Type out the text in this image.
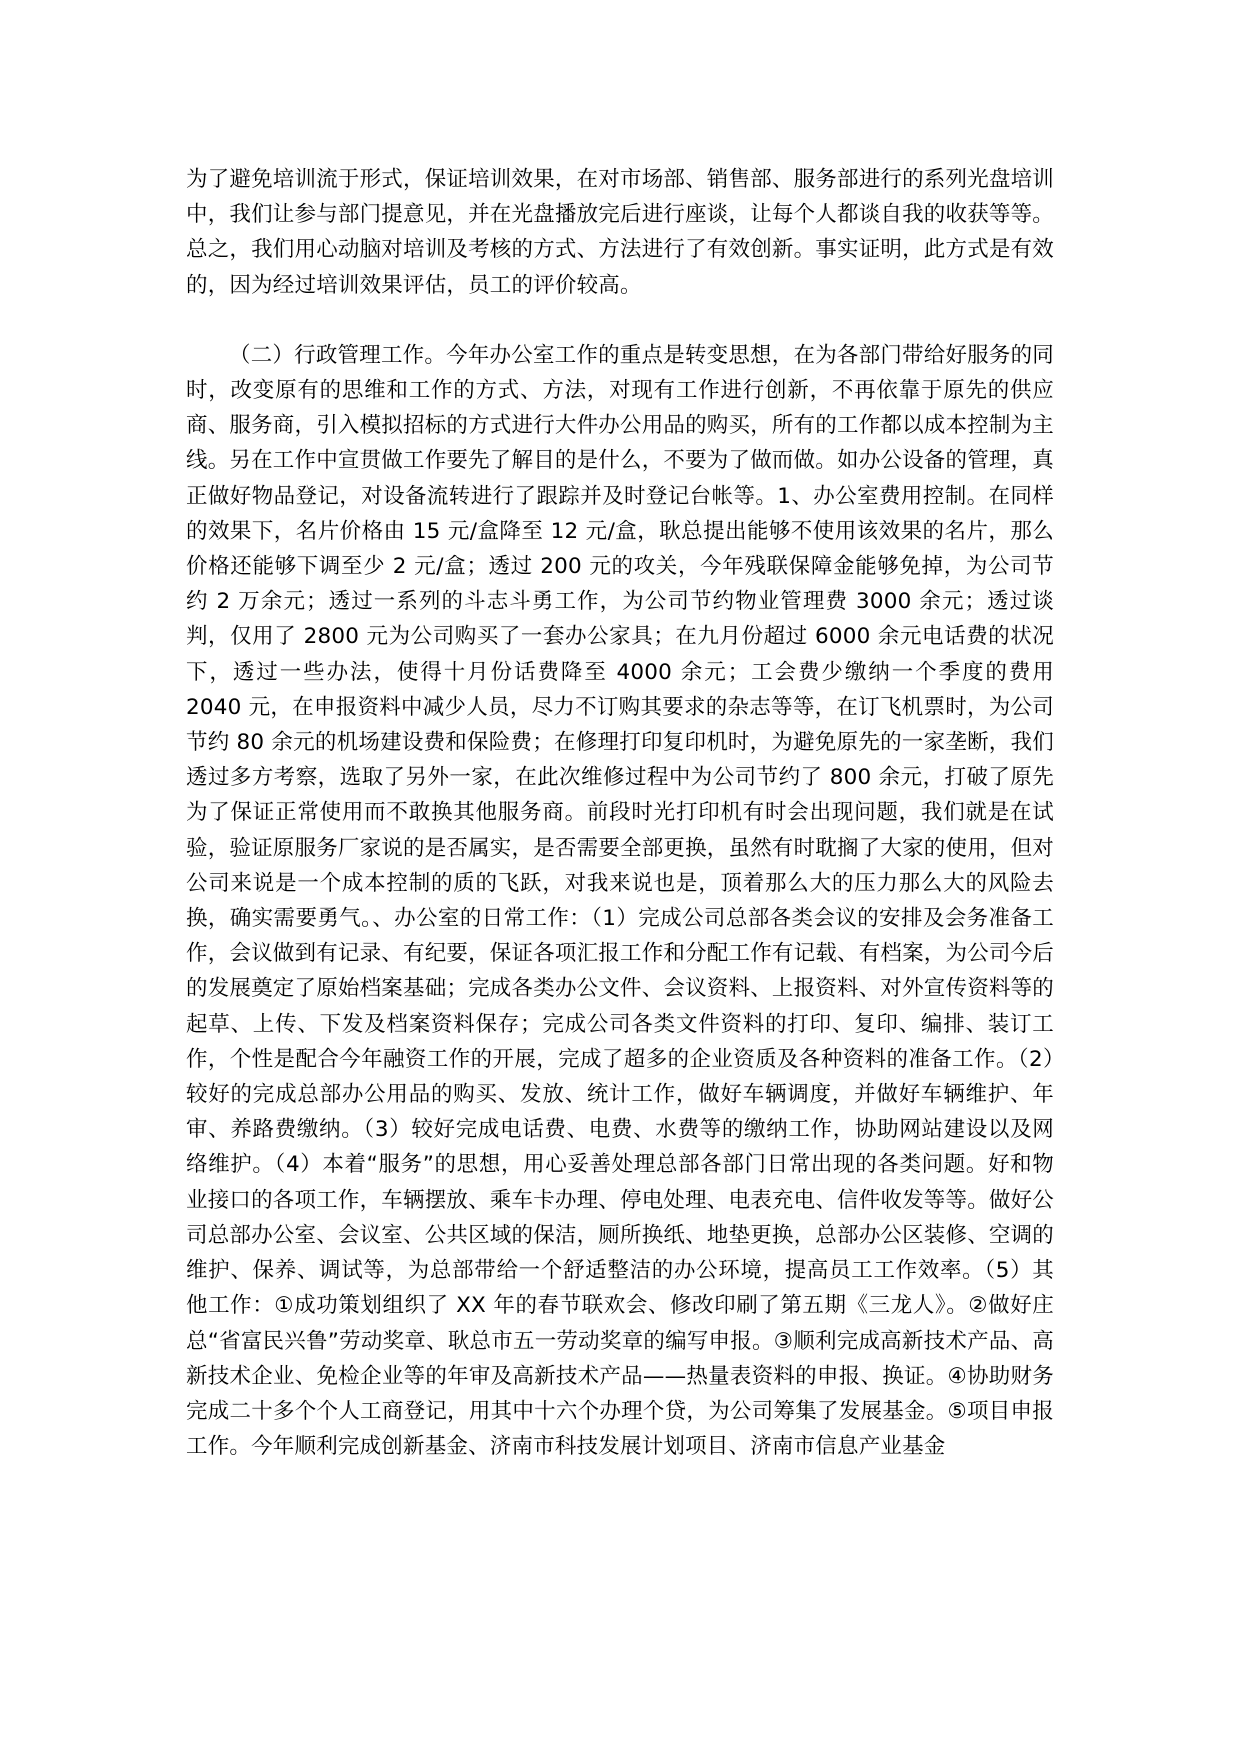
为了避免培训流于形式，保证培训效果，在对市场部、销售部、服务部进行的系列光盘培训中，我们让参与部门提意见，并在光盘播放完后进行座谈，让每个人都谈自我的收获等等。总之，我们用心动脑对培训及考核的方式、方法进行了有效创新。事实证明，此方式是有效的，因为经过培训效果评估，员工的评价较高。

（二）行政管理工作。今年办公室工作的重点是转变思想，在为各部门带给好服务的同时，改变原有的思维和工作的方式、方法，对现有工作进行创新，不再依靠于原先的供应商、服务商，引入模拟招标的方式进行大件办公用品的购买，所有的工作都以成本控制为主线。另在工作中宣贯做工作要先了解目的是什么，不要为了做而做。如办公设备的管理，真正做好物品登记，对设备流转进行了跟踪并及时登记台帐等。1、办公室费用控制。在同样的效果下，名片价格由 15 元/盒降至 12 元/盒，耿总提出能够不使用该效果的名片，那么价格还能够下调至少 2 元/盒；透过 200 元的攻关，今年残联保障金能够免掉，为公司节约 2 万余元；透过一系列的斗志斗勇工作，为公司节约物业管理费 3000 余元；透过谈判，仅用了 2800 元为公司购买了一套办公家具；在九月份超过 6000 余元电话费的状况下，透过一些办法，使得十月份话费降至 4000 余元；工会费少缴纳一个季度的费用 2040 元，在申报资料中减少人员，尽力不订购其要求的杂志等等，在订飞机票时，为公司节约 80 余元的机场建设费和保险费；在修理打印复印机时，为避免原先的一家垄断，我们透过多方考察，选取了另外一家，在此次维修过程中为公司节约了 800 余元，打破了原先为了保证正常使用而不敢换其他服务商。前段时光打印机有时会出现问题，我们就是在试验，验证原服务厂家说的是否属实，是否需要全部更换，虽然有时耽搁了大家的使用，但对公司来说是一个成本控制的质的飞跃，对我来说也是，顶着那么大的压力那么大的风险去换，确实需要勇气。、办公室的日常工作：（1）完成公司总部各类会议的安排及会务准备工作，会议做到有记录、有纪要，保证各项汇报工作和分配工作有记载、有档案，为公司今后的发展奠定了原始档案基础；完成各类办公文件、会议资料、上报资料、对外宣传资料等的起草、上传、下发及档案资料保存；完成公司各类文件资料的打印、复印、编排、装订工作，个性是配合今年融资工作的开展，完成了超多的企业资质及各种资料的准备工作。（2）较好的完成总部办公用品的购买、发放、统计工作，做好车辆调度，并做好车辆维护、年审、养路费缴纳。（3）较好完成电话费、电费、水费等的缴纳工作，协助网站建设以及网络维护。（4）本着“服务”的思想，用心妥善处理总部各部门日常出现的各类问题。好和物业接口的各项工作，车辆摆放、乘车卡办理、停电处理、电表充电、信件收发等等。做好公司总部办公室、会议室、公共区域的保洁，厕所换纸、地垫更换，总部办公区装修、空调的维护、保养、调试等，为总部带给一个舒适整洁的办公环境，提高员工工作效率。（5）其他工作：①成功策划组织了 XX 年的春节联欢会、修改印刷了第五期《三龙人》。②做好庄总“省富民兴鲁”劳动奖章、耿总市五一劳动奖章的编写申报。③顺利完成高新技术产品、高新技术企业、免检企业等的年审及高新技术产品——热量表资料的申报、换证。④协助财务完成二十多个个人工商登记，用其中十六个办理个贷，为公司筹集了发展基金。⑤项目申报工作。今年顺利完成创新基金、济南市科技发展计划项目、济南市信息产业基金
